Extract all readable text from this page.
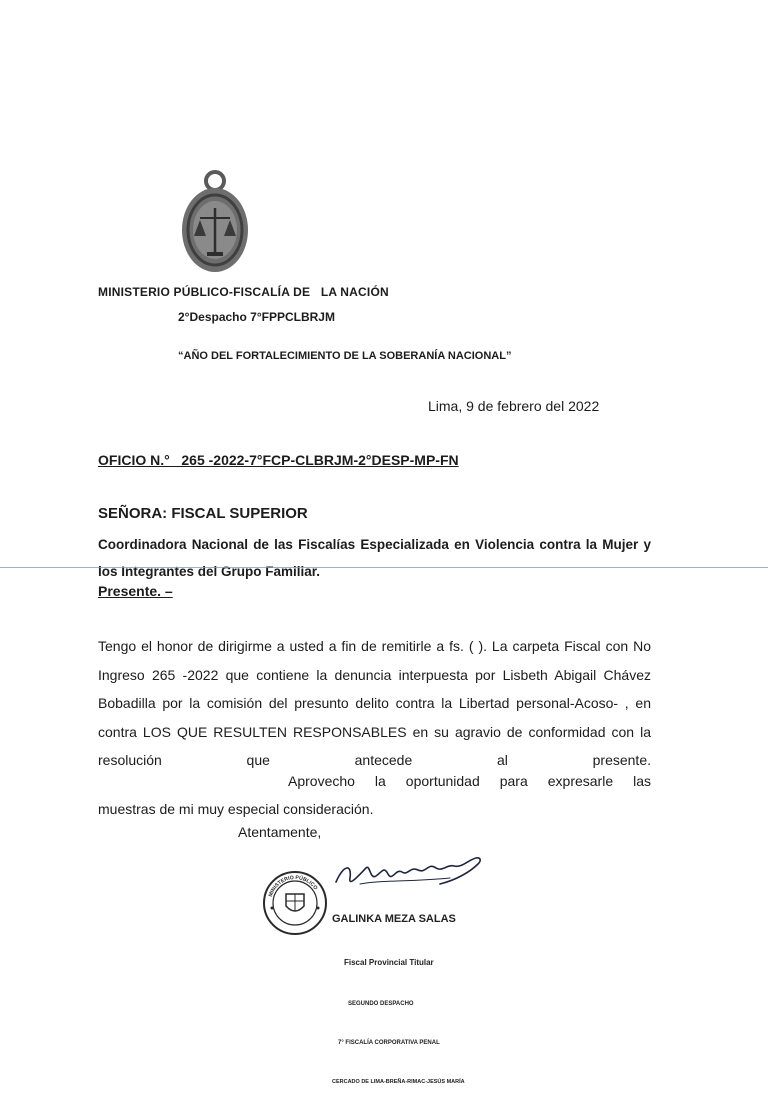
MINISTERIO PÚBLICO-FISCALÍA DE   LA NACIÓN
2°Despacho 7°FPPCLBRJM
“AÑO DEL FORTALECIMIENTO DE LA SOBERANÍA NACIONAL”
Lima, 9 de febrero del 2022
OFICIO N.°   265 -2022-7°FCP-CLBRJM-2°DESP-MP-FN
SEÑORA: FISCAL SUPERIOR
Coordinadora Nacional de las Fiscalías Especializada en Violencia contra la Mujer y los Integrantes del Grupo Familiar.
Presente. –
Tengo el honor de dirigirme a usted a fin de remitirle a fs. ( ). La carpeta Fiscal con No Ingreso 265 -2022 que contiene la denuncia interpuesta por Lisbeth Abigail Chávez Bobadilla por la comisión del presunto delito contra la Libertad personal-Acoso- , en contra LOS QUE RESULTEN RESPONSABLES en su agravio de conformidad con la resolución que antecede al presente.
Aprovecho la oportunidad para expresarle las
muestras de mi muy especial consideración.
Atentamente,
MINISTERIO PÚBLICO

GALINKA MEZA SALAS

Fiscal Provincial Titular

SEGUNDO DESPACHO

7° FISCALÍA CORPORATIVA PENAL

CERCADO DE LIMA-BREÑA-RIMAC-JESÚS MARÍA
